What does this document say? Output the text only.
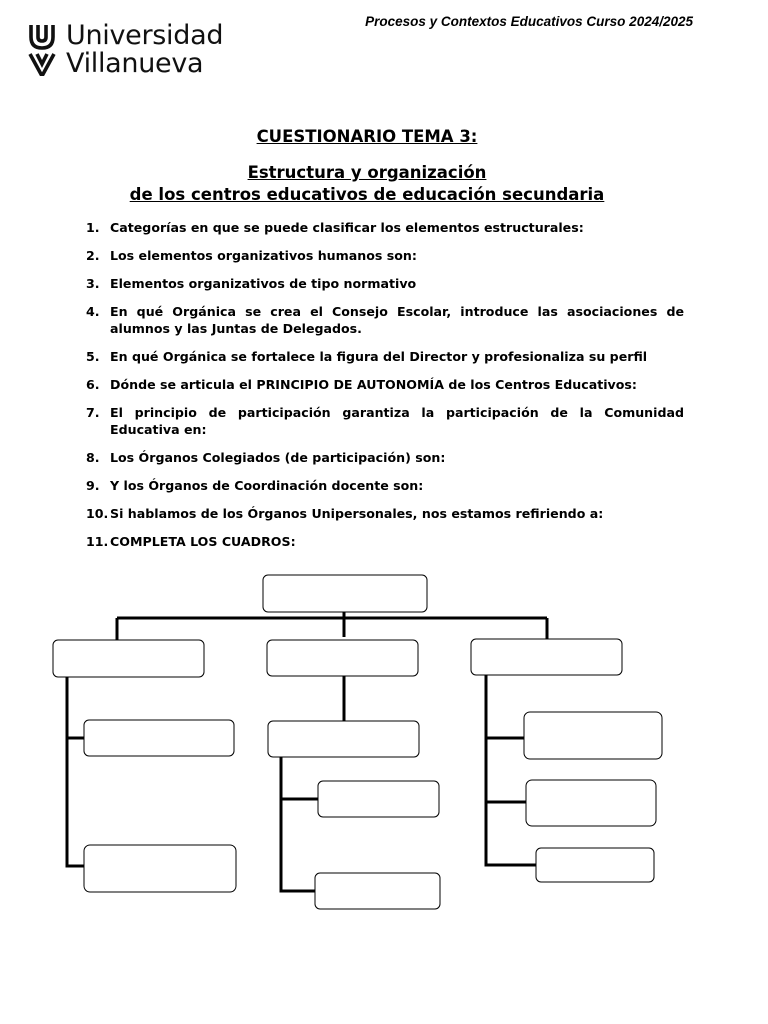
Universidad
Villanueva
Procesos y Contextos Educativos Curso 2024/2025
CUESTIONARIO TEMA 3:
Estructura y organización
de los centros educativos de educación secundaria
1. Categorías en que se puede clasificar los elementos estructurales:
2. Los elementos organizativos humanos son:
3. Elementos organizativos de tipo normativo
4. En qué Orgánica se crea el Consejo Escolar, introduce las asociaciones de alumnos y las Juntas de Delegados.
5. En qué Orgánica se fortalece la figura del Director y profesionaliza su perfil
6. Dónde se articula el PRINCIPIO DE AUTONOMÍA de los Centros Educativos:
7. El principio de participación garantiza la participación de la Comunidad Educativa en:
8. Los Órganos Colegiados (de participación) son:
9. Y los Órganos de Coordinación docente son:
10. Si hablamos de los Órganos Unipersonales, nos estamos refiriendo a:
11. COMPLETA LOS CUADROS:
